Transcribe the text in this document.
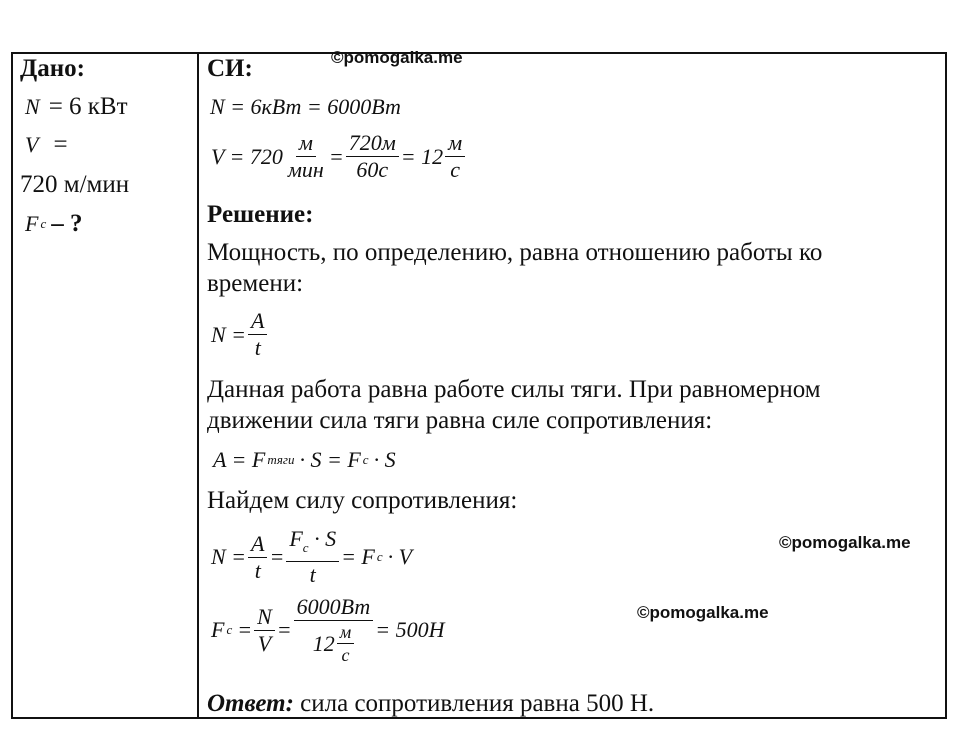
©pomogalka.me
©pomogalka.me
©pomogalka.me
Дано:
N = 6 кВт
V =
720 м/мин
F c – ?
СИ:
N = 6кВт = 6000Вт
$V = 720 \frac{м}{\text{мин}} = \frac{720м}{60с} = 12 \frac{м}{с}$
Решение:
Мощность, по определению, равна отношению работы ко
времени:
$N = \frac{A}{t}$
Данная работа равна работе силы тяги. При равномерном
движении сила тяги равна силе сопротивления:
A = F тяги · S = F c · S
Найдем силу сопротивления:
$N = \frac{A}{t} = \frac{F_c \cdot S}{t} = F$ c · V
F $c = \frac{N}{V} = \frac{6000Вт}{12 \frac{м}{с}} = 500Н$
Ответ: сила сопротивления равна 500 Н.
